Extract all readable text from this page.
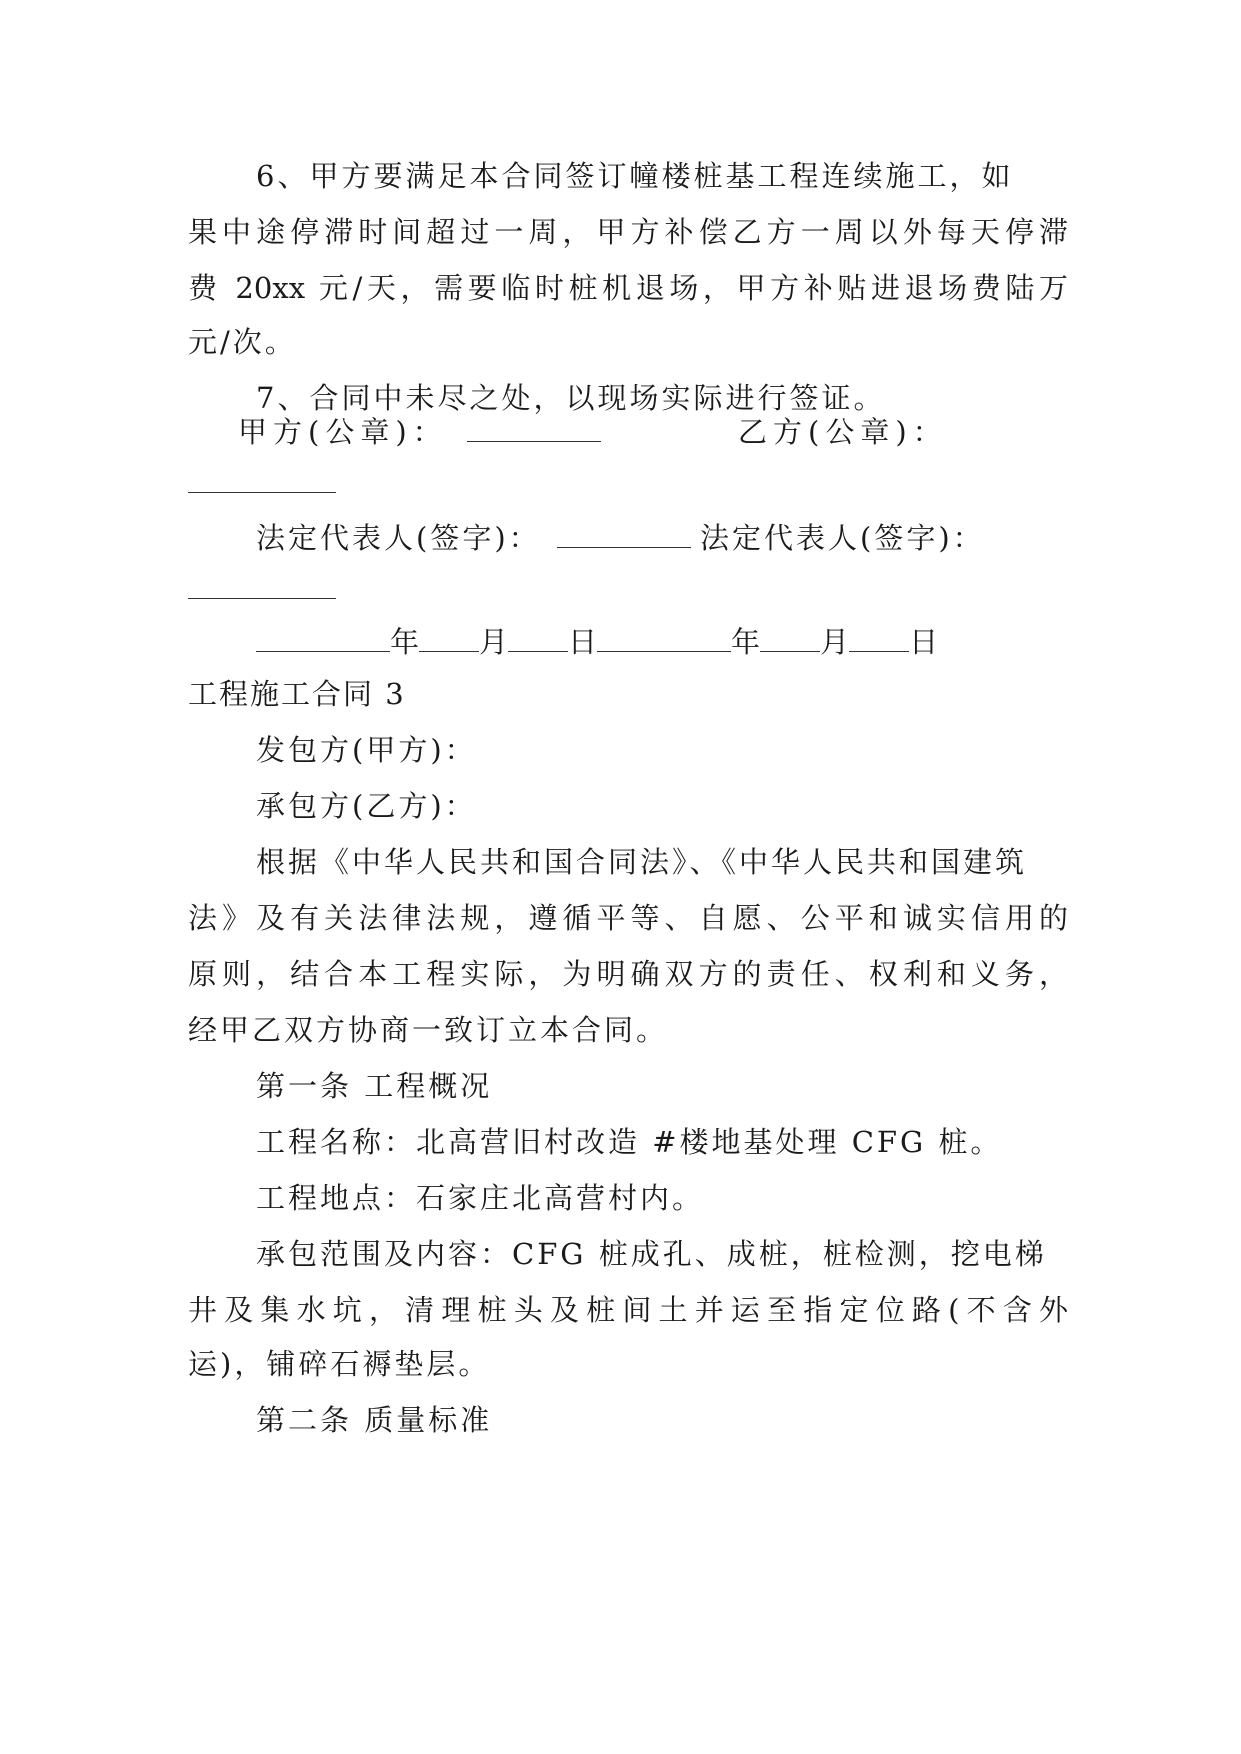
6、甲方要满足本合同签订幢楼桩基工程连续施工，如
果中途停滞时间超过一周，甲方补偿乙方一周以外每天停滞
费 20xx 元/天，需要临时桩机退场，甲方补贴进退场费陆万
元/次。
7、合同中未尽之处，以现场实际进行签证。
甲方(公章)：	乙方(公章)：
法定代表人(签字)：	法定代表人(签字)：
年 月 日	年 月 日
工程施工合同 3
发包方(甲方)：
承包方(乙方)：
根据《中华人民共和国合同法》、《中华人民共和国建筑
法》及有关法律法规，遵循平等、自愿、公平和诚实信用的
原则，结合本工程实际，为明确双方的责任、权利和义务，
经甲乙双方协商一致订立本合同。
第一条 工程概况
工程名称：北高营旧村改造 #楼地基处理 CFG 桩。
工程地点：石家庄北高营村内。
承包范围及内容：CFG 桩成孔、成桩，桩检测，挖电梯
井及集水坑，清理桩头及桩间土并运至指定位路(不含外
运)，铺碎石褥垫层。
第二条 质量标准
